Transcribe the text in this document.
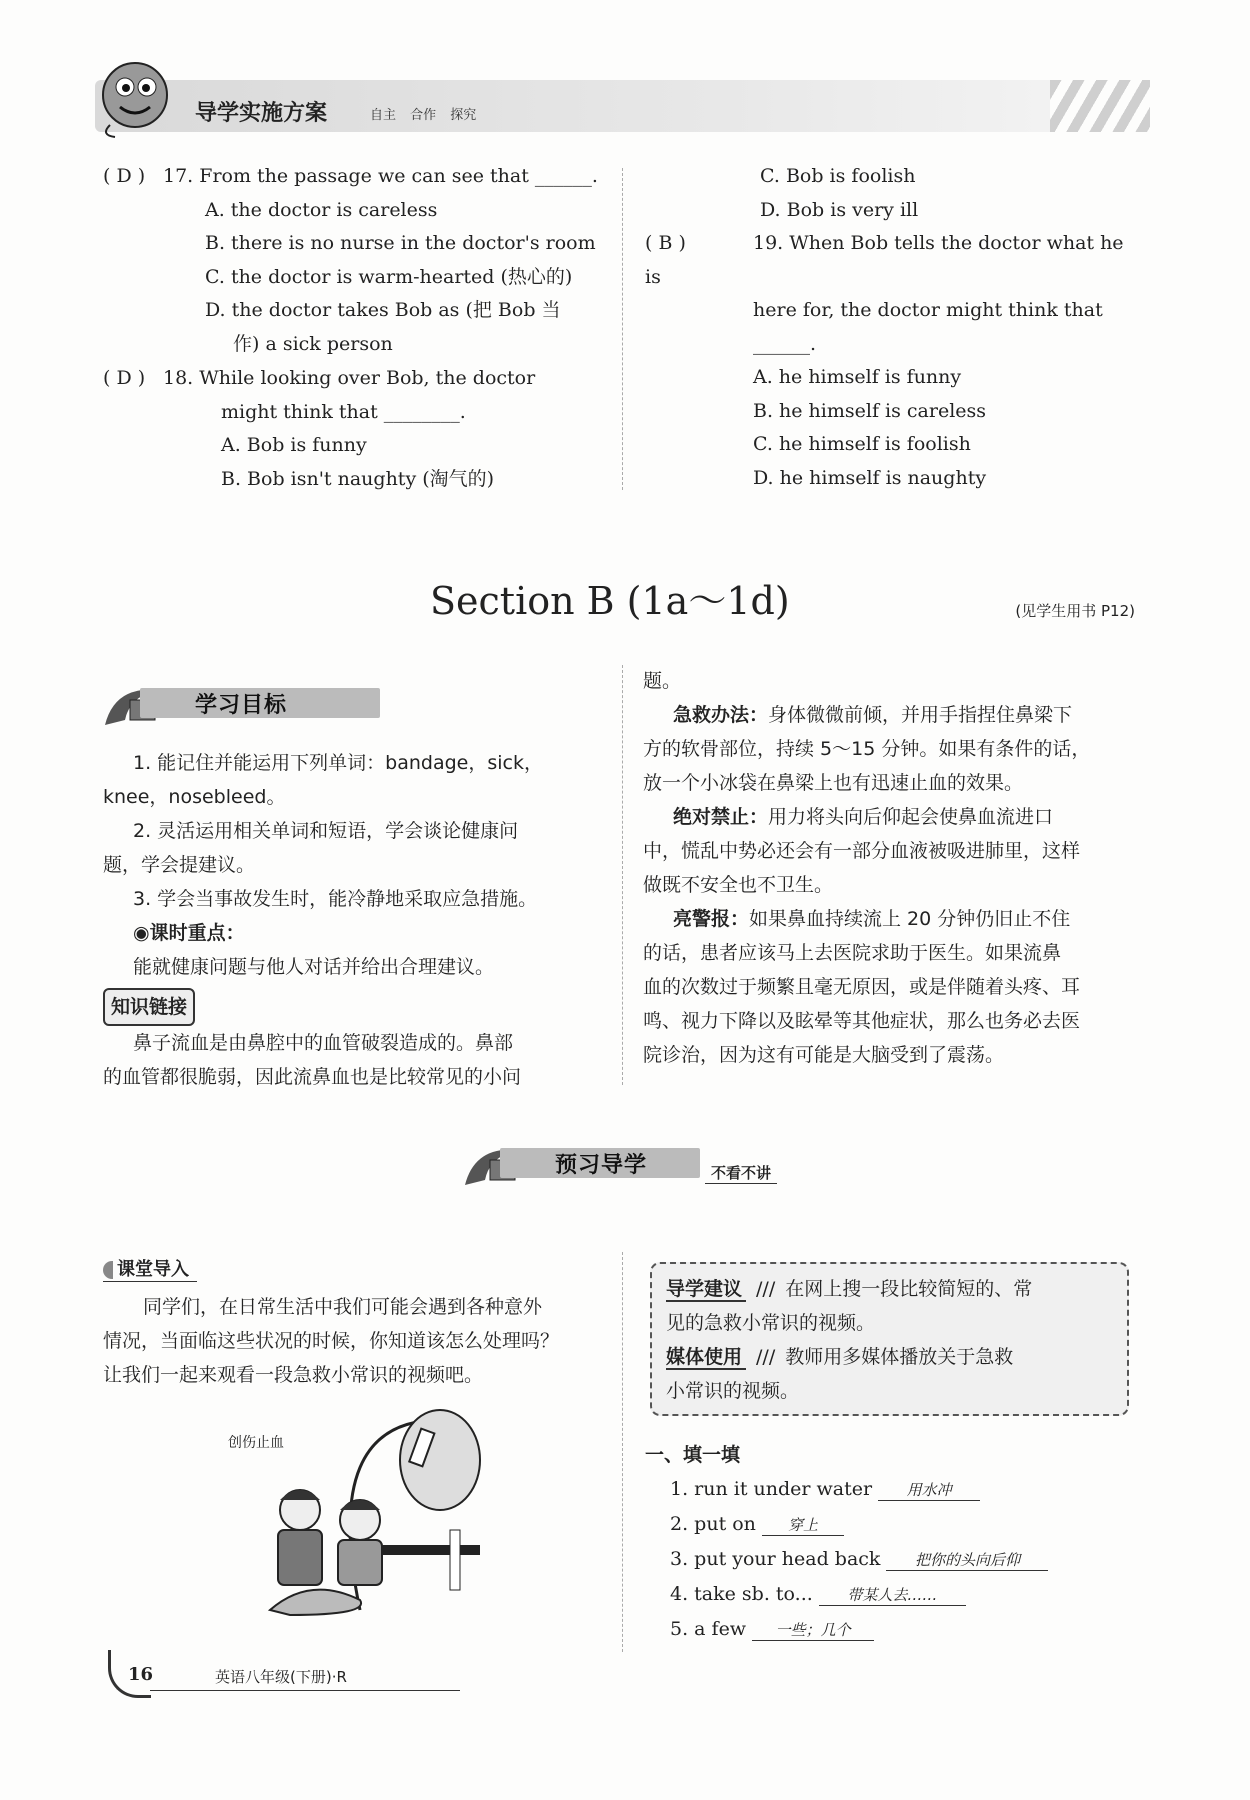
导学实施方案	自主 合作 探究
( D ) 17. From the passage we can see that ______.
A. the doctor is careless
B. there is no nurse in the doctor's room
C. the doctor is warm-hearted (热心的)
D. the doctor takes Bob as (把 Bob 当
作) a sick person
( D ) 18. While looking over Bob, the doctor
might think that ________.
A. Bob is funny
B. Bob isn't naughty (淘气的)
C. Bob is foolish
D. Bob is very ill
( B )	19. When Bob tells the doctor what he is
here for, the doctor might think that
______.
A. he himself is funny
B. he himself is careless
C. he himself is foolish
D. he himself is naughty
Section B (1a～1d)	(见学生用书 P12)
学习目标

1. 能记住并能运用下列单词：bandage，sick，

knee，nosebleed。

2. 灵活运用相关单词和短语，学会谈论健康问

题，学会提建议。

3. 学会当事故发生时，能冷静地采取应急措施。

◉课时重点：

能就健康问题与他人对话并给出合理建议。

知识链接

鼻子流血是由鼻腔中的血管破裂造成的。鼻部

的血管都很脆弱，因此流鼻血也是比较常见的小问

题。

急救办法：身体微微前倾，并用手指捏住鼻梁下

方的软骨部位，持续 5～15 分钟。如果有条件的话，

放一个小冰袋在鼻梁上也有迅速止血的效果。

绝对禁止：用力将头向后仰起会使鼻血流进口

中，慌乱中势必还会有一部分血液被吸进肺里，这样

做既不安全也不卫生。

亮警报：如果鼻血持续流上 20 分钟仍旧止不住

的话，患者应该马上去医院求助于医生。如果流鼻

血的次数过于频繁且毫无原因，或是伴随着头疼、耳

鸣、视力下降以及眩晕等其他症状，那么也务必去医

院诊治，因为这有可能是大脑受到了震荡。

预习导学	不看不讲
课堂导入

同学们，在日常生活中我们可能会遇到各种意外

情况，当面临这些状况的时候，你知道该怎么处理吗？

让我们一起来观看一段急救小常识的视频吧。

创伤止血

导学建议 /// 在网上搜一段比较简短的、常

见的急救小常识的视频。

媒体使用 /// 教师用多媒体播放关于急救

小常识的视频。

一、填一填
1. run it under water 用水冲
2. put on 穿上
3. put your head back 把你的头向后仰
4. take sb. to... 带某人去……
5. a few 一些；几个
16	英语八年级(下册)·R
